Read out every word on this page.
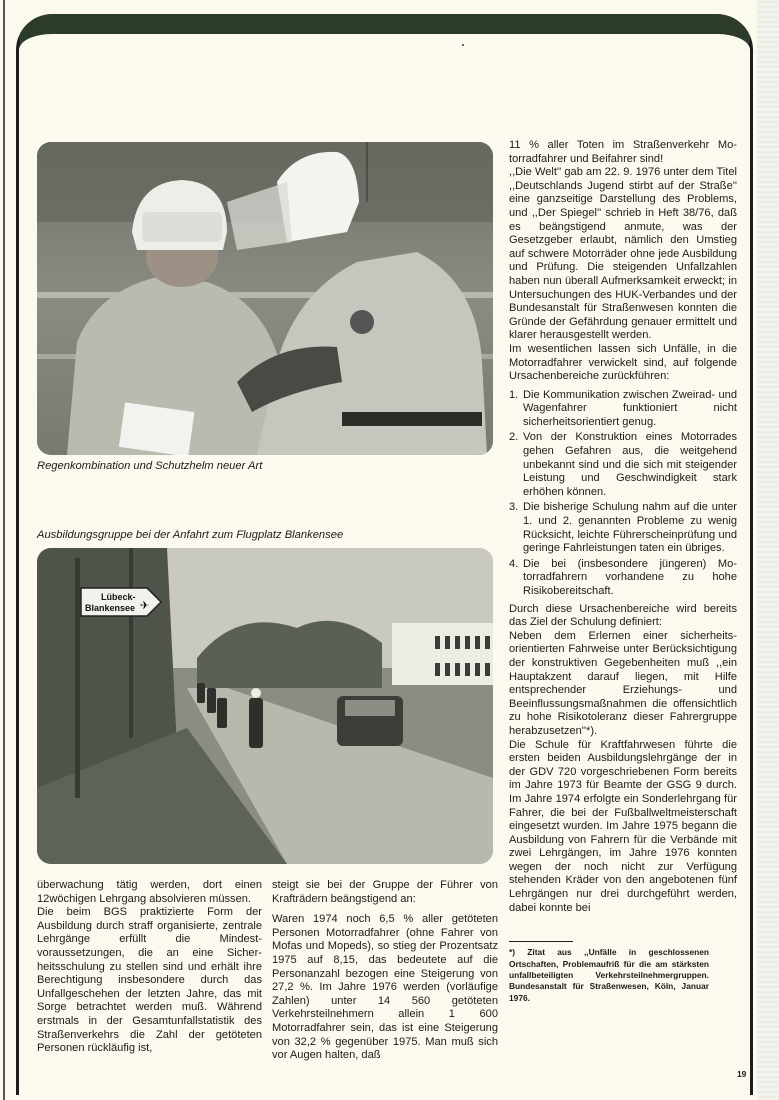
Regenkombination und Schutzhelm neuer Art
Ausbildungsgruppe bei der Anfahrt zum Flugplatz Blankensee
Lübeck-
Blankensee ✈

überwachung tätig werden, dort einen 12wöchigen Lehrgang absolvieren müssen.

Die beim BGS praktizierte Form der Ausbildung durch straff organisierte, zentrale Lehrgänge erfüllt die Mindestvoraussetzungen, die an eine Sicherheitsschulung zu stellen sind und erhält ihre Berechtigung insbesondere durch das Unfallgeschehen der letzten Jahre, das mit Sorge betrachtet werden muß. Während erstmals in der Gesamtunfallstatistik des Straßenverkehrs die Zahl der getöteten Personen rückläufig ist,

steigt sie bei der Gruppe der Führer von Krafträdern beängstigend an:

Waren 1974 noch 6,5 % aller getöteten Personen Motorradfahrer (ohne Fahrer von Mofas und Mopeds), so stieg der Prozentsatz 1975 auf 8,15, das bedeutete auf die Personanzahl bezogen eine Steigerung von 27,2 %. Im Jahre 1976 werden (vorläufige Zahlen) unter 14 560 getöteten Verkehrsteilnehmern allein 1 600 Motorradfahrer sein, das ist eine Steigerung von 32,2 % gegenüber 1975. Man muß sich vor Augen halten, daß

11 % aller Toten im Straßenverkehr Motorradfahrer und Beifahrer sind!

,,Die Welt'' gab am 22. 9. 1976 unter dem Titel ,,Deutschlands Jugend stirbt auf der Straße'' eine ganzseitige Darstellung des Problems, und ,,Der Spiegel'' schrieb in Heft 38/76, daß es beängstigend anmute, was der Gesetzgeber erlaubt, nämlich den Umstieg auf schwere Motorräder ohne jede Ausbildung und Prüfung. Die steigenden Unfallzahlen haben nun überall Aufmerksamkeit erweckt; in Untersuchungen des HUK-Verbandes und der Bundesanstalt für Straßenwesen konnten die Gründe der Gefährdung genauer ermittelt und klarer herausgestellt werden.

Im wesentlichen lassen sich Unfälle, in die Motorradfahrer verwickelt sind, auf folgende Ursachenbereiche zurückführen:

1. Die Kommunikation zwischen Zweirad- und Wagenfahrer funktioniert nicht sicherheitsorientiert genug.
2. Von der Konstruktion eines Motorrades gehen Gefahren aus, die weitgehend unbekannt sind und die sich mit steigender Leistung und Geschwindigkeit stark erhöhen können.
3. Die bisherige Schulung nahm auf die unter 1. und 2. genannten Probleme zu wenig Rücksicht, leichte Führerscheinprüfung und geringe Fahrleistungen taten ein übriges.
4. Die bei (insbesondere jüngeren) Motorradfahrern vorhandene zu hohe Risikobereitschaft.

Durch diese Ursachenbereiche wird bereits das Ziel der Schulung definiert:

Neben dem Erlernen einer sicherheitsorientierten Fahrweise unter Berücksichtigung der konstruktiven Gegebenheiten muß ,,ein Hauptakzent darauf liegen, mit Hilfe entsprechender Erziehungs- und Beeinflussungsmaßnahmen die offensichtlich zu hohe Risikotoleranz dieser Fahrergruppe herabzusetzen''*).

Die Schule für Kraftfahrwesen führte die ersten beiden Ausbildungslehrgänge der in der GDV 720 vorgeschriebenen Form bereits im Jahre 1973 für Beamte der GSG 9 durch. Im Jahre 1974 erfolgte ein Sonderlehrgang für Fahrer, die bei der Fußballweltmeisterschaft eingesetzt wurden. Im Jahre 1975 begann die Ausbildung von Fahrern für die Verbände mit zwei Lehrgängen, im Jahre 1976 konnten wegen der noch nicht zur Verfügung stehenden Kräder von den angebotenen fünf Lehrgängen nur drei durchgeführt werden, dabei konnte bei

*) Zitat aus ,,Unfälle in geschlossenen Ortschaften, Problemaufriß für die am stärksten unfallbeteiligten Verkehrsteilnehmergruppen. Bundesanstalt für Straßenwesen, Köln, Januar 1976.

19
